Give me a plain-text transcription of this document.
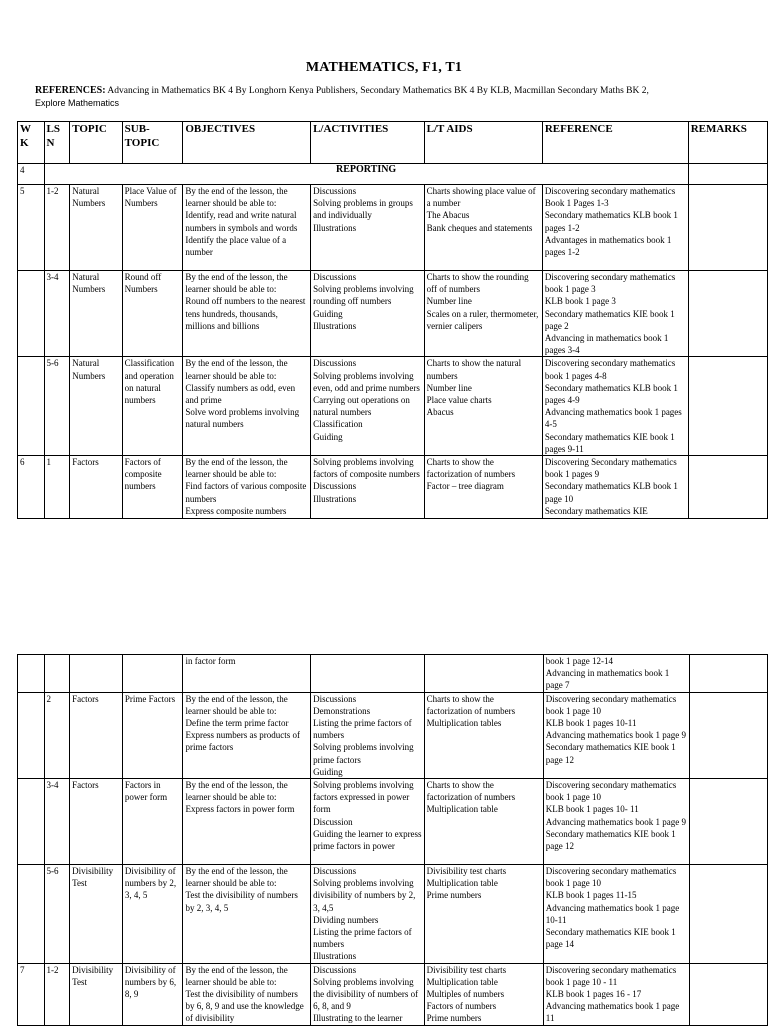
MATHEMATICS, F1, T1
REFERENCES: Advancing in Mathematics BK 4 By Longhorn Kenya Publishers, Secondary Mathematics BK 4 By KLB, Macmillan Secondary Maths BK 2,
Explore Mathematics
W K	LS N	TOPIC	SUB-TOPIC	OBJECTIVES	L/ACTIVITIES	L/T AIDS	REFERENCE	REMARKS
4	REPORTING							
5	1-2	Natural Numbers	Place Value of Numbers	By the end of the lesson, the learner should be able to:
Identify, read and write natural numbers in symbols and words
Identify the place value of a number	Discussions
Solving problems in groups and individually
Illustrations	Charts showing place value of a number
The Abacus
Bank cheques and statements	Discovering secondary mathematics Book 1 Pages 1-3
Secondary mathematics KLB book 1 pages 1-2
Advantages in mathematics book 1 pages 1-2	

	3-4	Natural Numbers	Round off Numbers	By the end of the lesson, the learner should be able to:
Round off numbers to the nearest tens hundreds, thousands, millions and billions	Discussions
Solving problems involving rounding off numbers
Guiding
Illustrations	Charts to show the rounding off of numbers
Number line
Scales on a ruler, thermometer, vernier calipers	Discovering secondary mathematics book 1 page 3
KLB book 1 page 3
Secondary mathematics KIE book 1 page 2
Advancing in mathematics book 1 pages 3-4	

	5-6	Natural Numbers	Classification and operation on natural numbers	By the end of the lesson, the learner should be able to:
Classify numbers as odd, even and prime
Solve word problems involving natural numbers	Discussions
Solving problems involving even, odd and prime numbers
Carrying out operations on natural numbers
Classification
Guiding	Charts to show the natural numbers
Number line
Place value charts
Abacus	Discovering secondary mathematics book 1 pages 4-8
Secondary mathematics KLB book 1 pages 4-9
Advancing mathematics book 1 pages 4-5
Secondary mathematics KIE book 1 pages 9-11	

6	1	Factors	Factors of composite numbers	By the end of the lesson, the learner should be able to:
Find factors of various composite numbers
Express composite numbers	Solving problems involving factors of composite numbers
Discussions
Illustrations	Charts to show the factorization of numbers
Factor – tree diagram	Discovering Secondary mathematics book 1 pages 9
Secondary mathematics KLB book 1 page 10
Secondary mathematics KIE	

				in factor form			book 1 page 12-14
Advancing in mathematics book 1 page 7	

	2	Factors	Prime Factors	By the end of the lesson, the learner should be able to:
Define the term prime factor
Express numbers as products of prime factors	Discussions
Demonstrations
Listing the prime factors of numbers
Solving problems involving prime factors
Guiding	Charts to show the factorization of numbers
Multiplication tables	Discovering secondary mathematics book 1 page 10
KLB book 1 pages 10-11
Advancing mathematics book 1 page 9
Secondary mathematics KIE book 1 page 12	

	3-4	Factors	Factors in power form	By the end of the lesson, the learner should be able to:
Express factors in power form	Solving problems involving factors expressed in power form
Discussion
Guiding the learner to express prime factors in power	Charts to show the factorization of numbers
Multiplication table	Discovering secondary mathematics book 1 page 10
KLB book 1 pages 10- 11
Advancing mathematics book 1 page 9
Secondary mathematics KIE book 1 page 12	

	5-6	Divisibility Test	Divisibility of numbers by 2, 3, 4, 5	By the end of the lesson, the learner should be able to:
Test the divisibility of numbers by 2, 3, 4, 5	Discussions
Solving problems involving divisibility of numbers by 2, 3, 4,5
Dividing numbers
Listing the prime factors of numbers
Illustrations	Divisibility test charts
Multiplication table
Prime numbers	Discovering secondary mathematics book 1 page 10
KLB book 1 pages 11-15
Advancing mathematics book 1 page 10-11
Secondary mathematics KIE book 1 page 14	

7	1-2	Divisibility Test	Divisibility of numbers by 6, 8, 9	By the end of the lesson, the learner should be able to:
Test the divisibility of numbers by 6, 8, 9 and use the knowledge of divisibility	Discussions
Solving problems involving the divisibility of numbers of 6, 8, and 9
Illustrating to the learner	Divisibility test charts
Multiplication table
Multiples of numbers
Factors of numbers
Prime numbers	Discovering secondary mathematics book 1 page 10 - 11
KLB book 1 pages 16 - 17
Advancing mathematics book 1 page 11	
